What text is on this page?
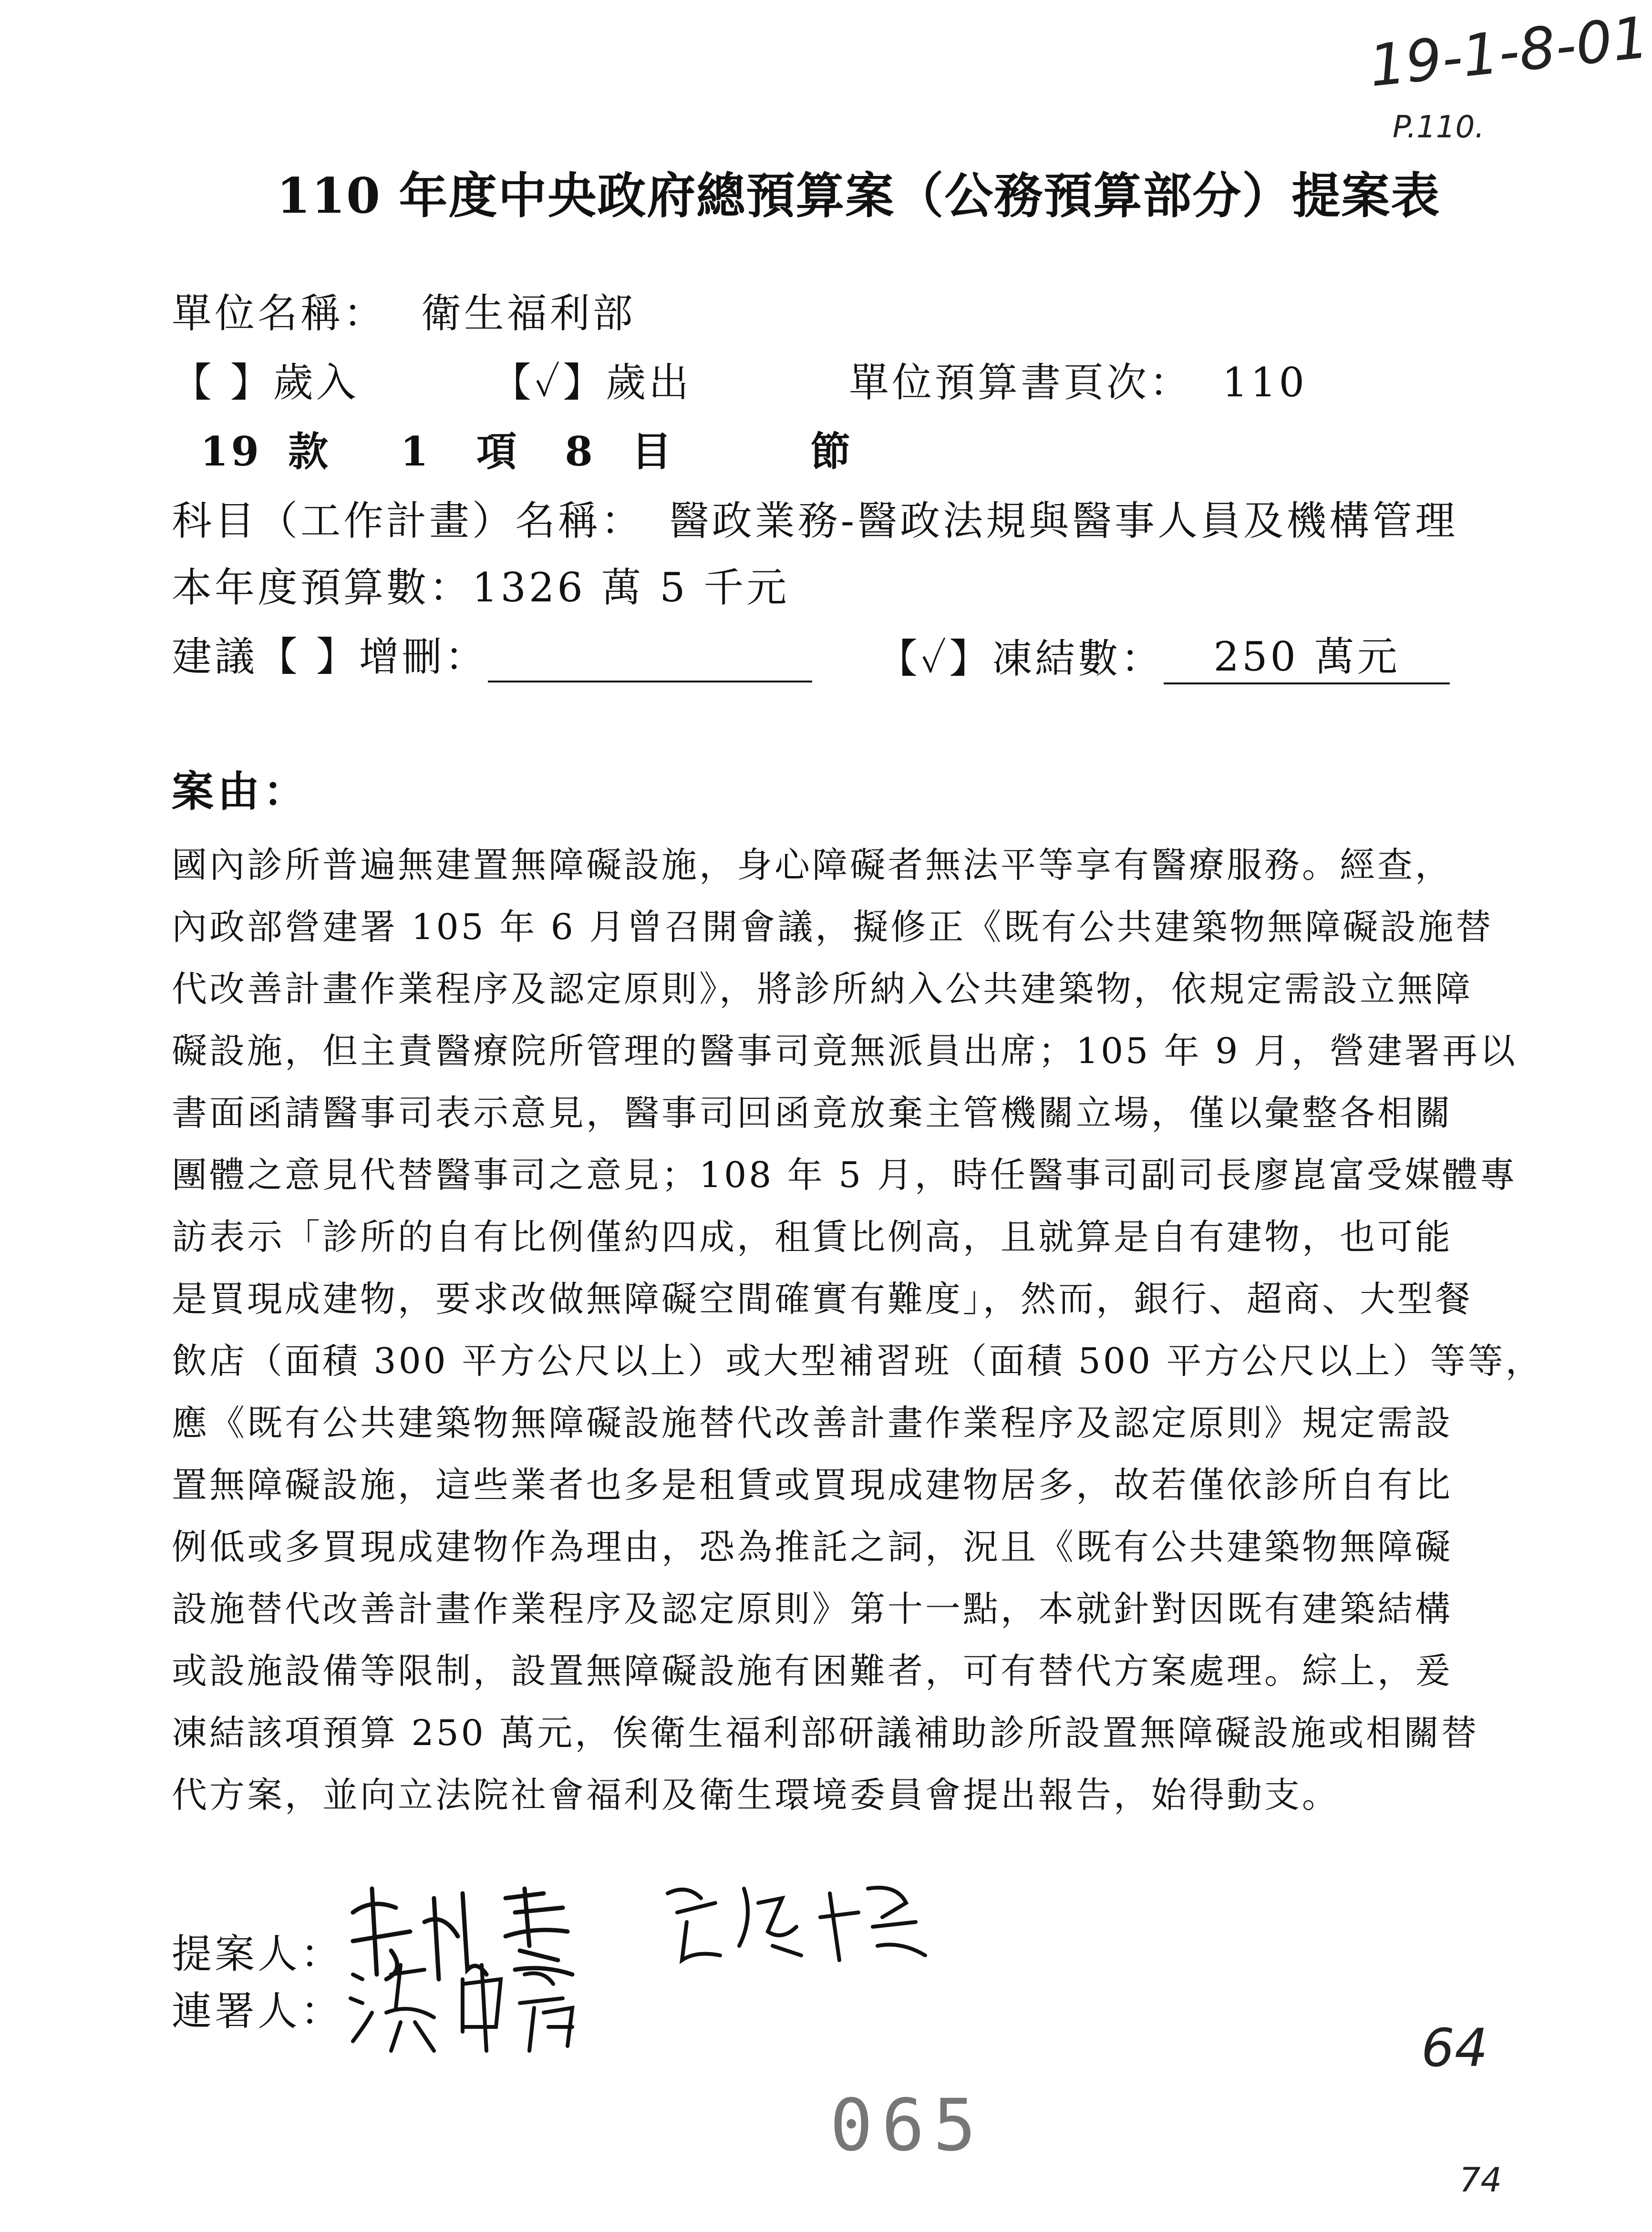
19-1-8-01
P.110.
110 年度中央政府總預算案（公務預算部分）提案表
單位名稱： 衛生福利部
【 】歲入	【✓】歲出	單位預算書頁次： 110
19 款 1 項 8 目	節
科目（工作計畫）名稱： 醫政業務-醫政法規與醫事人員及機構管理
本年度預算數：1326 萬 5 千元
建議【 】增刪：	【✓】凍結數： 250 萬元
案由：
國內診所普遍無建置無障礙設施，身心障礙者無法平等享有醫療服務。經查，
內政部營建署 105 年 6 月曾召開會議，擬修正《既有公共建築物無障礙設施替
代改善計畫作業程序及認定原則》，將診所納入公共建築物，依規定需設立無障
礙設施，但主責醫療院所管理的醫事司竟無派員出席；105 年 9 月，營建署再以
書面函請醫事司表示意見，醫事司回函竟放棄主管機關立場，僅以彙整各相關
團體之意見代替醫事司之意見；108 年 5 月，時任醫事司副司長廖崑富受媒體專
訪表示「診所的自有比例僅約四成，租賃比例高，且就算是自有建物，也可能
是買現成建物，要求改做無障礙空間確實有難度」，然而，銀行、超商、大型餐
飲店（面積 300 平方公尺以上）或大型補習班（面積 500 平方公尺以上）等等，
應《既有公共建築物無障礙設施替代改善計畫作業程序及認定原則》規定需設
置無障礙設施，這些業者也多是租賃或買現成建物居多，故若僅依診所自有比
例低或多買現成建物作為理由，恐為推託之詞，況且《既有公共建築物無障礙
設施替代改善計畫作業程序及認定原則》第十一點，本就針對因既有建築結構
或設施設備等限制，設置無障礙設施有困難者，可有替代方案處理。綜上，爰
凍結該項預算 250 萬元，俟衛生福利部研議補助診所設置無障礙設施或相關替
代方案，並向立法院社會福利及衛生環境委員會提出報告，始得動支。
提案人：
連署人：
64
74
065
